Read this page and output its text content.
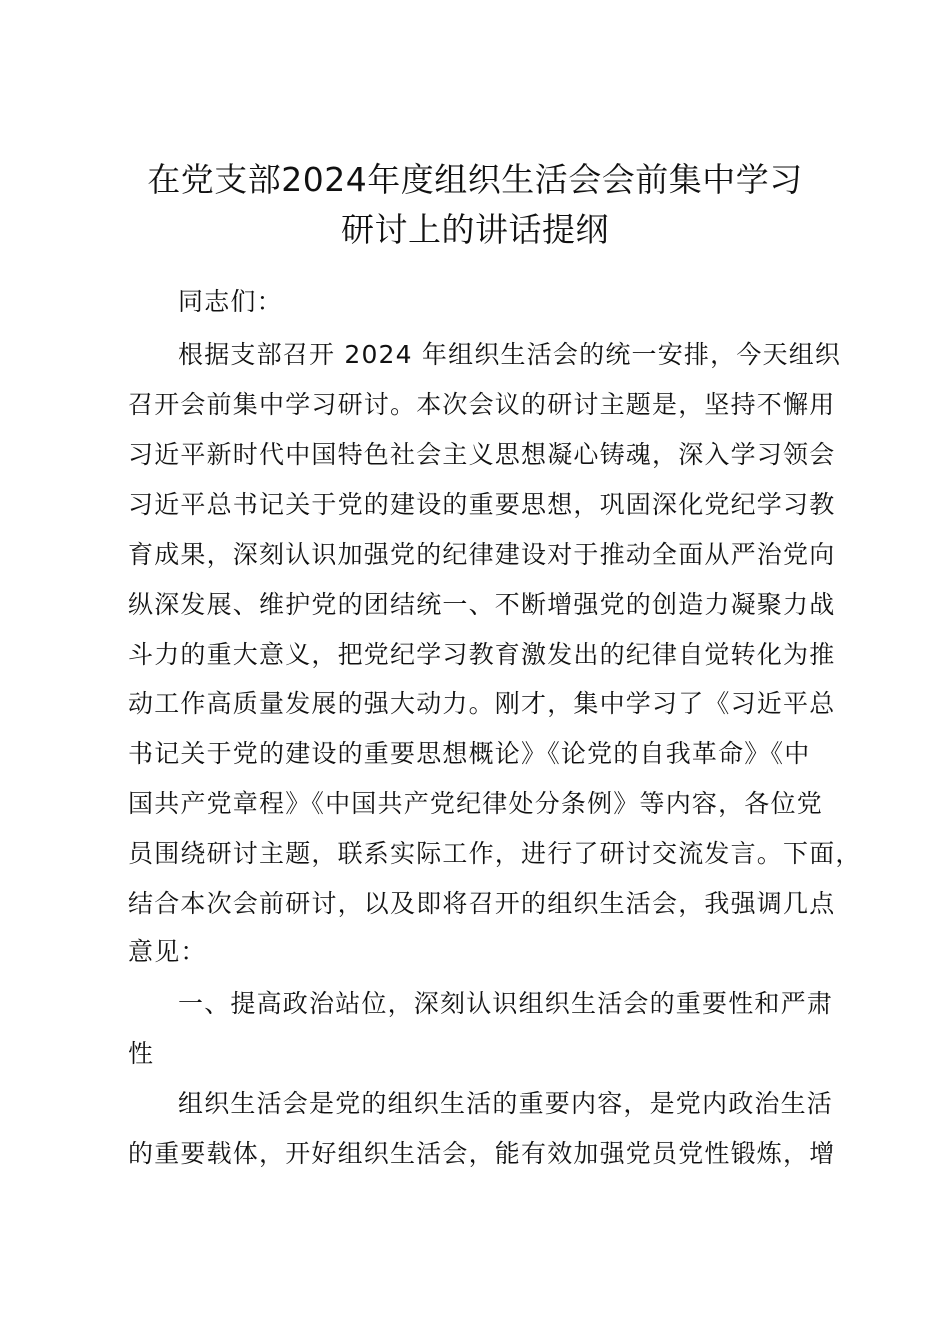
在党支部2024年度组织生活会会前集中学习
研讨上的讲话提纲
同志们：
根据支部召开 2024 年组织生活会的统一安排，今天组织
召开会前集中学习研讨。本次会议的研讨主题是，坚持不懈用
习近平新时代中国特色社会主义思想凝心铸魂，深入学习领会
习近平总书记关于党的建设的重要思想，巩固深化党纪学习教
育成果，深刻认识加强党的纪律建设对于推动全面从严治党向
纵深发展、维护党的团结统一、不断增强党的创造力凝聚力战
斗力的重大意义，把党纪学习教育激发出的纪律自觉转化为推
动工作高质量发展的强大动力。刚才，集中学习了《习近平总
书记关于党的建设的重要思想概论》《论党的自我革命》《中
国共产党章程》《中国共产党纪律处分条例》等内容，各位党
员围绕研讨主题，联系实际工作，进行了研讨交流发言。下面，
结合本次会前研讨，以及即将召开的组织生活会，我强调几点
意见：
一、提高政治站位，深刻认识组织生活会的重要性和严肃
性
组织生活会是党的组织生活的重要内容，是党内政治生活
的重要载体，开好组织生活会，能有效加强党员党性锻炼，增
